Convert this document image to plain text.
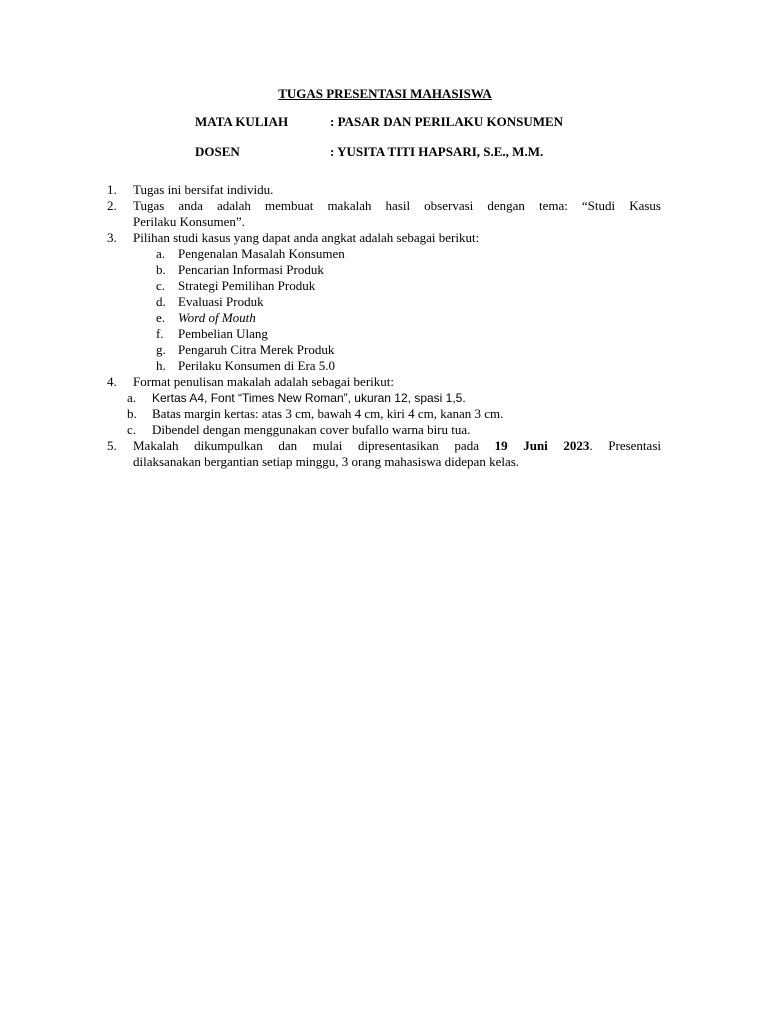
TUGAS PRESENTASI MAHASISWA
MATA KULIAH	: PASAR DAN PERILAKU KONSUMEN
DOSEN	: YUSITA TITI HAPSARI, S.E., M.M.
1. Tugas ini bersifat individu.
2. Tugas anda adalah membuat makalah hasil observasi dengan tema: “Studi Kasus
Perilaku Konsumen”.
3. Pilihan studi kasus yang dapat anda angkat adalah sebagai berikut:
a. Pengenalan Masalah Konsumen
b. Pencarian Informasi Produk
c. Strategi Pemilihan Produk
d. Evaluasi Produk
e. Word of Mouth
f. Pembelian Ulang
g. Pengaruh Citra Merek Produk
h. Perilaku Konsumen di Era 5.0
4. Format penulisan makalah adalah sebagai berikut:
a. Kertas A4, Font “Times New Roman”, ukuran 12, spasi 1,5.
b. Batas margin kertas: atas 3 cm, bawah 4 cm, kiri 4 cm, kanan 3 cm.
c. Dibendel dengan menggunakan cover bufallo warna biru tua.
5. Makalah dikumpulkan dan mulai dipresentasikan pada 19 Juni 2023. Presentasi
dilaksanakan bergantian setiap minggu, 3 orang mahasiswa didepan kelas.
